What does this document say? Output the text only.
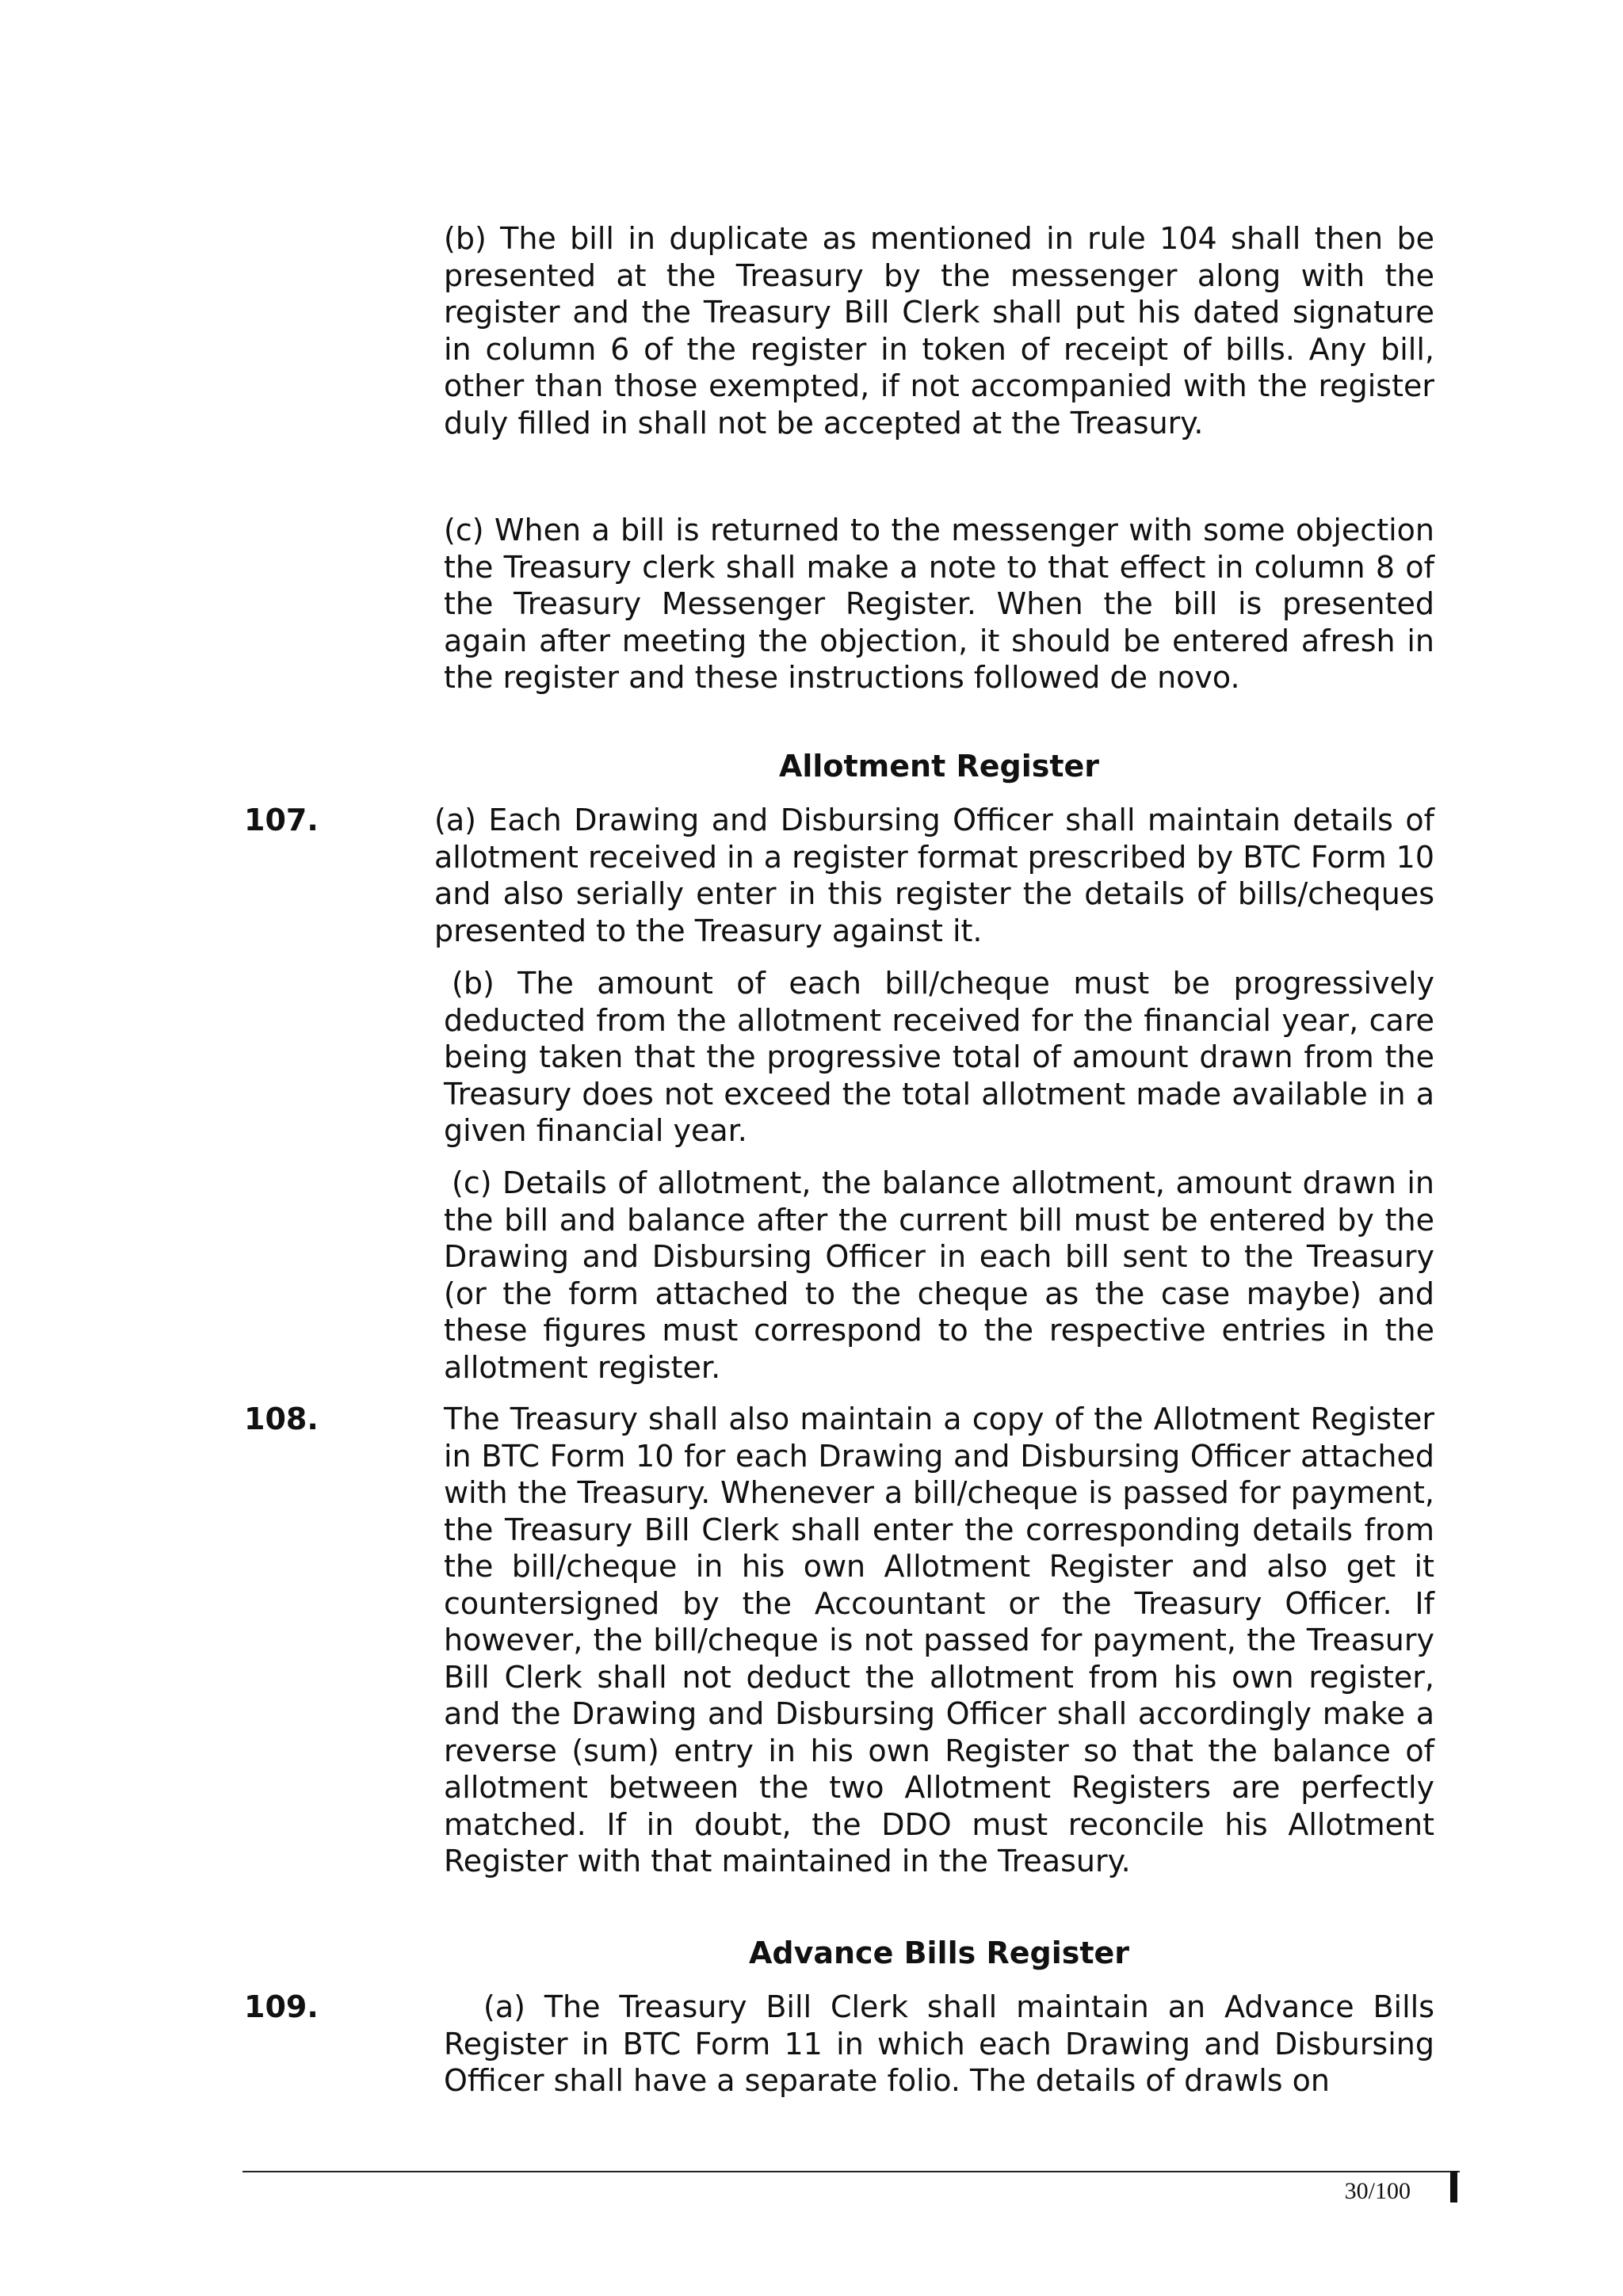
(b) The bill in duplicate as mentioned in rule 104 shall then be presented at the Treasury by the messenger along with the register and the Treasury Bill Clerk shall put his dated signature in column 6 of the register in token of receipt of bills. Any bill, other than those exempted, if not accompanied with the register duly filled in shall not be accepted at the Treasury.

(c) When a bill is returned to the messenger with some objection the Treasury clerk shall make a note to that effect in column 8 of the Treasury Messenger Register. When the bill is presented again after meeting the objection, it should be entered afresh in the register and these instructions followed de novo.

Allotment Register

107.	(a) Each Drawing and Disbursing Officer shall maintain details of allotment received in a register format prescribed by BTC Form 10 and also serially enter in this register the details of bills/cheques presented to the Treasury against it.

(b) The amount of each bill/cheque must be progressively deducted from the allotment received for the financial year, care being taken that the progressive total of amount drawn from the Treasury does not exceed the total allotment made available in a given financial year.

(c) Details of allotment, the balance allotment, amount drawn in the bill and balance after the current bill must be entered by the Drawing and Disbursing Officer in each bill sent to the Treasury (or the form attached to the cheque as the case maybe) and these figures must correspond to the respective entries in the allotment register.

108.	The Treasury shall also maintain a copy of the Allotment Register in BTC Form 10 for each Drawing and Disbursing Officer attached with the Treasury. Whenever a bill/cheque is passed for payment, the Treasury Bill Clerk shall enter the corresponding details from the bill/cheque in his own Allotment Register and also get it countersigned by the Accountant or the Treasury Officer. If however, the bill/cheque is not passed for payment, the Treasury Bill Clerk shall not deduct the allotment from his own register, and the Drawing and Disbursing Officer shall accordingly make a reverse (sum) entry in his own Register so that the balance of allotment between the two Allotment Registers are perfectly matched. If in doubt, the DDO must reconcile his Allotment Register with that maintained in the Treasury.

Advance Bills Register

109.	(a) The Treasury Bill Clerk shall maintain an Advance Bills Register in BTC Form 11 in which each Drawing and Disbursing Officer shall have a separate folio. The details of drawls on

30/100
